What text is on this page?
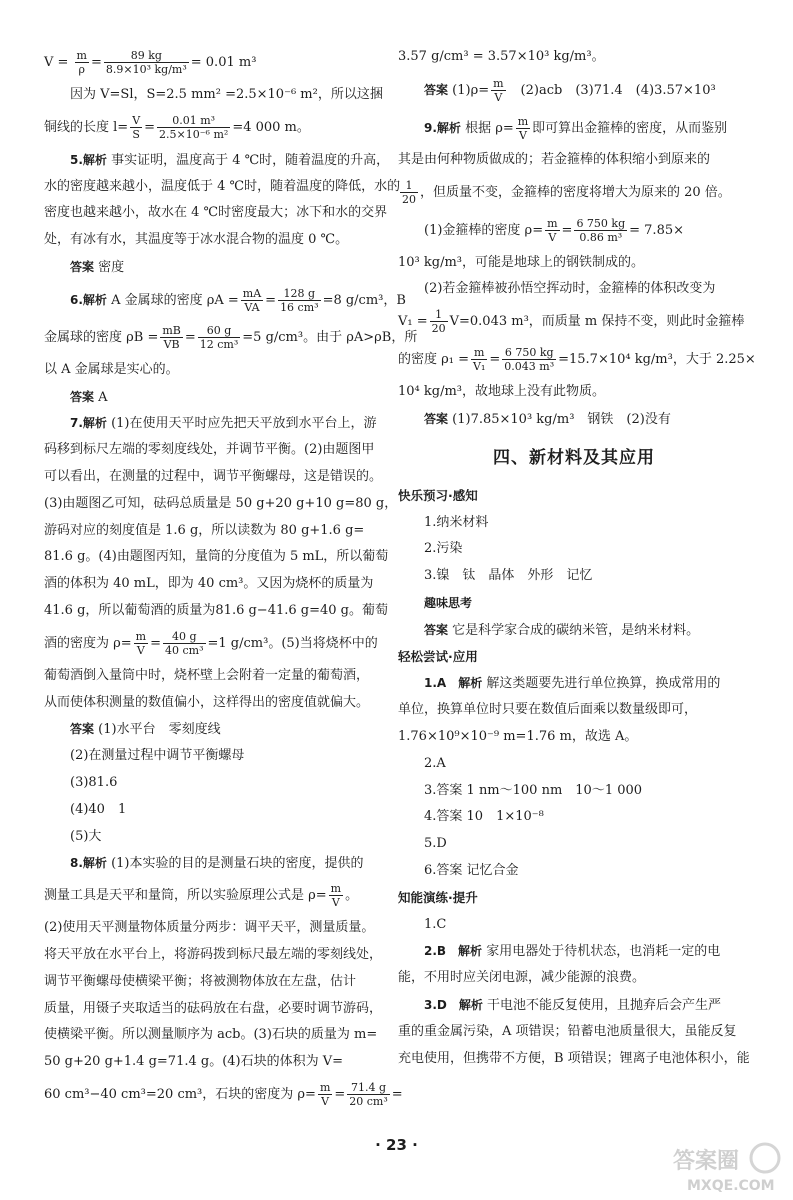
$V = \frac{m}{\rho} = \frac{89 kg}{\text{8.9×10³ kg/m³}} = 0.01$ m³
因为 V=Sl，S=2.5 mm² =2.5×10⁻⁶ m²，所以这捆
铜线的长度 $l= \frac{V}{S} = \frac{\text{0.01 m³}}{\text{2.5×10⁻⁶ m²}} =4$ 000 m。
5.解析 事实证明，温度高于 4 ℃时，随着温度的升高，
水的密度越来越小，温度低于 4 ℃时，随着温度的降低，水的
密度也越来越小，故水在 4 ℃时密度最大；冰下和水的交界
处，有冰有水，其温度等于冰水混合物的温度 0 ℃。
答案 密度
6.解析 A 金属球的密度 $\rho A = \frac{mA}{VA} = \frac{128 g}{\text{16 cm³}} =8$ g/cm³，B
金属球的密度 $\rho B = \frac{mB}{VB} = \frac{60 g}{\text{12 cm³}} =5$ g/cm³。由于 ρA>ρB，所
以 A 金属球是实心的。
答案 A
7.解析 (1)在使用天平时应先把天平放到水平台上，游
码移到标尺左端的零刻度线处，并调节平衡。(2)由题图甲
可以看出，在测量的过程中，调节平衡螺母，这是错误的。
(3)由题图乙可知，砝码总质量是 50 g+20 g+10 g=80 g，
游码对应的刻度值是 1.6 g，所以读数为 80 g+1.6 g=
81.6 g。(4)由题图丙知，量筒的分度值为 5 mL，所以葡萄
酒的体积为 40 mL，即为 40 cm³。又因为烧杯的质量为
41.6 g，所以葡萄酒的质量为81.6 g−41.6 g=40 g。葡萄
酒的密度为 $\rho= \frac{m}{V} = \frac{40 g}{\text{40 cm³}} =1$ g/cm³。(5)当将烧杯中的
葡萄酒倒入量筒中时，烧杯壁上会附着一定量的葡萄酒，
从而使体积测量的数值偏小，这样得出的密度值就偏大。
答案 (1)水平台　零刻度线
(2)在测量过程中调节平衡螺母
(3)81.6
(4)40　1
(5)大
8.解析 (1)本实验的目的是测量石块的密度，提供的
测量工具是天平和量筒，所以实验原理公式是 $\rho= \frac{m}{V}$ 。
(2)使用天平测量物体质量分两步：调平天平，测量质量。
将天平放在水平台上，将游码拨到标尺最左端的零刻线处，
调节平衡螺母使横梁平衡；将被测物体放在左盘，估计
质量，用镊子夹取适当的砝码放在右盘，必要时调节游码，
使横梁平衡。所以测量顺序为 acb。(3)石块的质量为 m=
50 g+20 g+1.4 g=71.4 g。(4)石块的体积为 V=
60 cm³−40 cm³=20 cm³，石块的密度为 $\rho= \frac{m}{V} = \frac{71.4 g}{\text{20 cm³}}$ =
3.57 g/cm³ = 3.57×10³ kg/m³。
答案 $(1)\rho= \frac{m}{V}$ 　(2)acb　(3)71.4　(4)3.57×10³
9.解析 根据 $\rho= \frac{m}{V}$ 即可算出金箍棒的密度，从而鉴别
其是由何种物质做成的；若金箍棒的体积缩小到原来的
$\frac{1}{20}$ ，但质量不变，金箍棒的密度将增大为原来的 20 倍。
(1)金箍棒的密度 $\rho= \frac{m}{V} = \frac{6 750 kg}{\text{0.86 m³}} = 7.85\times$
10³ kg/m³，可能是地球上的钢铁制成的。
(2)若金箍棒被孙悟空挥动时，金箍棒的体积改变为
$V_1 = \frac{1}{20} V=0.043$ m³，而质量 m 保持不变，则此时金箍棒
的密度 $\rho_1 = \frac{m}{\text{V₁}} = \frac{6 750 kg}{\text{0.043 m³}} =15.7\times 10^4$ kg/m³，大于 2.25×
10⁴ kg/m³，故地球上没有此物质。
答案 (1)7.85×10³ kg/m³　钢铁　(2)没有
四、新材料及其应用
快乐预习·感知
1.纳米材料
2.污染
3.镍　钛　晶体　外形　记忆
趣味思考
答案 它是科学家合成的碳纳米管，是纳米材料。
轻松尝试·应用
1.A　解析 解这类题要先进行单位换算，换成常用的
单位，换算单位时只要在数值后面乘以数量级即可，
1.76×10⁹×10⁻⁹ m=1.76 m，故选 A。
2.A
3.答案 1 nm～100 nm　10～1 000
4.答案 10　1×10⁻⁸
5.D
6.答案 记忆合金
知能演练·提升
1.C
2.B　解析 家用电器处于待机状态，也消耗一定的电
能，不用时应关闭电源，减少能源的浪费。
3.D　解析 干电池不能反复使用，且抛弃后会产生严
重的重金属污染，A 项错误；铅蓄电池质量很大，虽能反复
充电使用，但携带不方便，B 项错误；锂离子电池体积小，能
· 23 ·
答案圈
MXQE.COM
